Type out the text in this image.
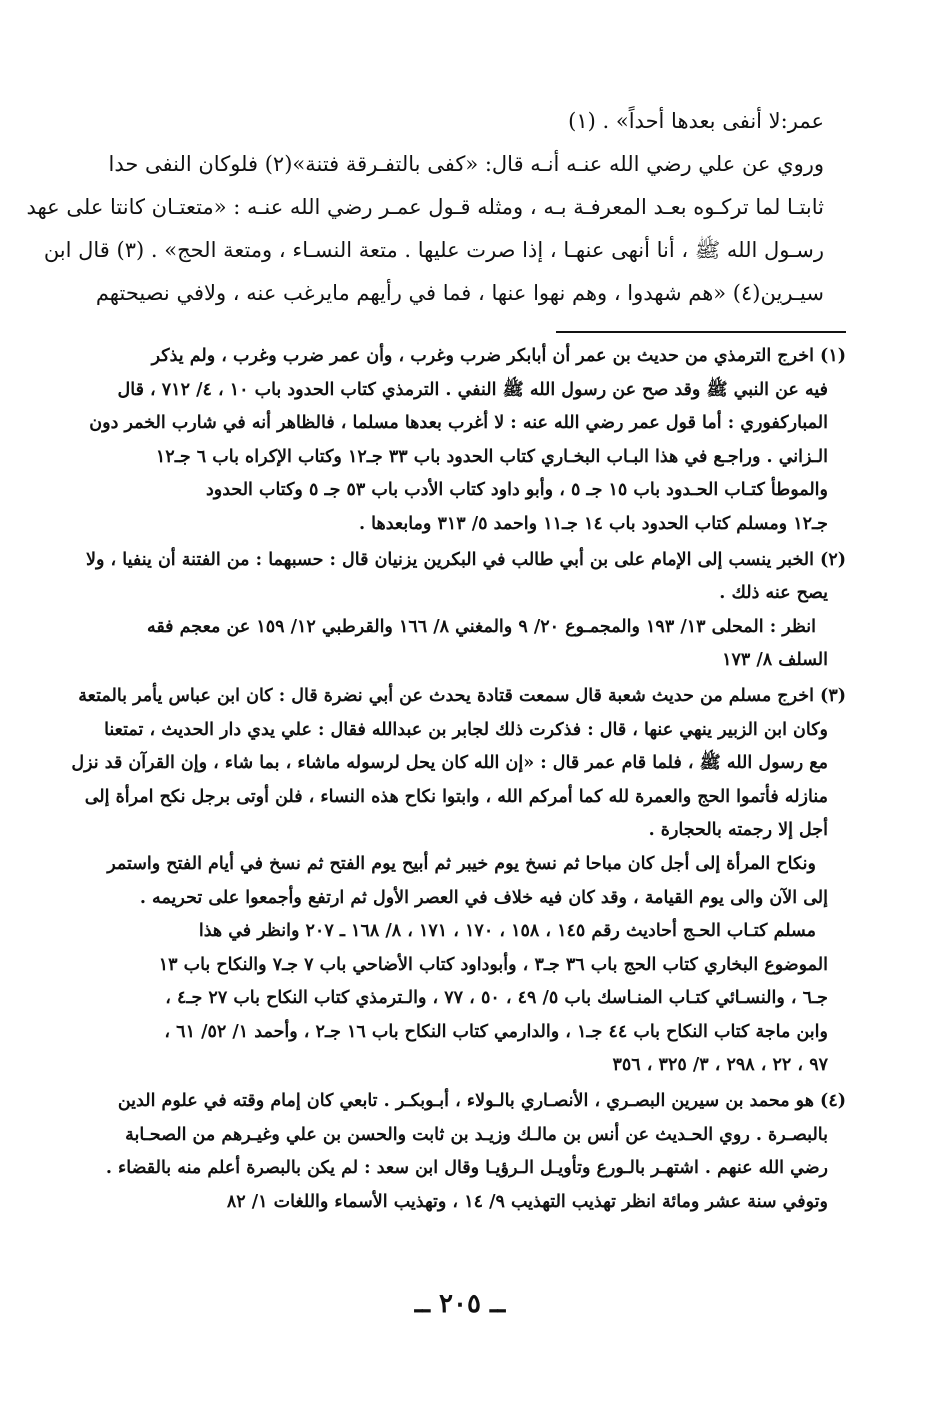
عمر:لا أنفى بعدها أحداً» . (١)
وروي عن علي رضي الله عنـه أنـه قال: «كفى بالتفـرقة فتنة»(٢) فلوكان النفى حدا
ثابتـا لما تركـوه بعـد المعرفـة بـه ، ومثله قـول عمـر رضي الله عنـه : «متعتـان كانتا على عهد
رسـول الله ﷺ ، أنا أنهى عنهـا ، إذا صرت عليها . متعة النسـاء ، ومتعة الحج» . (٣) قال ابن
سيـرين(٤) «هم شهدوا ، وهم نهوا عنها ، فما في رأيهم مايرغب عنه ، ولافي نصيحتهم
(١) اخرج الترمذي من حديث بن عمر أن أبابكر ضرب وغرب ، وأن عمر ضرب وغرب ، ولم يذكر
فيه عن النبي ﷺ وقد صح عن رسول الله ﷺ النفي . الترمذي كتاب الحدود باب ١٠ ، ٤/ ٧١٢ ، قال
المباركفوري : أما قول عمر رضي الله عنه : لا أغرب بعدها مسلما ، فالظاهر أنه في شارب الخمر دون
الـزاني . وراجـع في هذا البـاب البخـاري كتاب الحدود باب ٣٣ جـ١٢ وكتاب الإكراه باب ٦ جـ١٢
والموطأ كتـاب الحـدود باب ١٥ جـ ٥ ، وأبو داود كتاب الأدب باب ٥٣ جـ ٥ وكتاب الحدود
جـ١٢ ومسلم كتاب الحدود باب ١٤ جـ١١ واحمد ٥/ ٣١٣ ومابعدها .
(٢) الخبر ينسب إلى الإمام على بن أبي طالب في البكرين يزنيان قال : حسبهما : من الفتنة أن ينفيا ، ولا
يصح عنه ذلك .
انظر : المحلى ١٣/ ١٩٣ والمجمـوع ٢٠/ ٩ والمغني ٨/ ١٦٦ والقرطبي ١٢/ ١٥٩ عن معجم فقه
السلف ٨/ ١٧٣
(٣) اخرج مسلم من حديث شعبة قال سمعت قتادة يحدث عن أبي نضرة قال : كان ابن عباس يأمر بالمتعة
وكان ابن الزبير ينهي عنها ، قال : فذكرت ذلك لجابر بن عبدالله فقال : علي يدي دار الحديث ، تمتعنا
مع رسول الله ﷺ ، فلما قام عمر قال : «إن الله كان يحل لرسوله ماشاء ، بما شاء ، وإن القرآن قد نزل
منازله فأتموا الحج والعمرة لله كما أمركم الله ، وابتوا نكاح هذه النساء ، فلن أوتى برجل نكح امرأة إلى
أجل إلا رجمته بالحجارة .
ونكاح المرأة إلى أجل كان مباحا ثم نسخ يوم خيبر ثم أبيح يوم الفتح ثم نسخ في أيام الفتح واستمر
إلى الآن والى يوم القيامة ، وقد كان فيه خلاف في العصر الأول ثم ارتفع وأجمعوا على تحريمه .
مسلم كتـاب الحـج أحاديث رقم ١٤٥ ، ١٥٨ ، ١٧٠ ، ١٧١ ، ٨/ ١٦٨ ـ ٢٠٧ وانظر في هذا
الموضوع البخاري كتاب الحج باب ٣٦ جـ٣ ، وأبوداود كتاب الأضاحي باب ٧ جـ٧ والنكاح باب ١٣
جـ٦ ، والنسـائي كتـاب المنـاسك باب ٥/ ٤٩ ، ٥٠ ، ٧٧ ، والـترمذي كتاب النكاح باب ٢٧ جـ٤ ،
وابن ماجة كتاب النكاح باب ٤٤ جـ١ ، والدارمي كتاب النكاح باب ١٦ جـ٢ ، وأحمد ١/ ٥٢/ ٦١ ،
٩٧ ، ٢٢ ، ٢٩٨ ، ٣/ ٣٢٥ ، ٣٥٦
(٤) هو محمد بن سيرين البصـري ، الأنصـاري بالـولاء ، أبـوبكـر . تابعي كان إمام وقته في علوم الدين
بالبصـرة . روي الحـديث عن أنس بن مالـك وزيـد بن ثابت والحسن بن علي وغيـرهم من الصحـابة
رضي الله عنهم . اشتهـر بالـورع وتأويـل الـرؤيـا وقال ابن سعد : لم يكن بالبصرة أعلم منه بالقضاء .
وتوفي سنة عشر ومائة انظر تهذيب التهذيب ٩/ ١٤ ، وتهذيب الأسماء واللغات ١/ ٨٢
ــ ٢٠٥ ــ
